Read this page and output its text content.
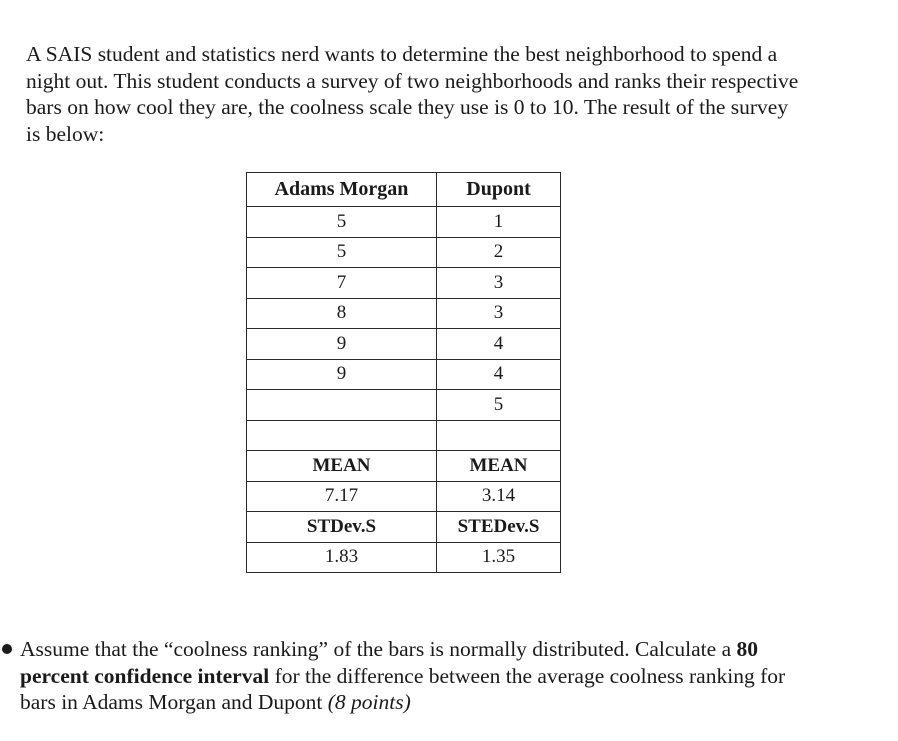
A SAIS student and statistics nerd wants to determine the best neighborhood to spend a
night out. This student conducts a survey of two neighborhoods and ranks their respective
bars on how cool they are, the coolness scale they use is 0 to 10. The result of the survey
is below:
Adams Morgan	Dupont
5	1
5	2
7	3
8	3
9	4
9	4
	5

MEAN	MEAN
7.17	3.14
STDev.S	STEDev.S
1.83	1.35
Assume that the “coolness ranking” of the bars is normally distributed. Calculate a 80
percent confidence interval for the difference between the average coolness ranking for
bars in Adams Morgan and Dupont (8 points)
